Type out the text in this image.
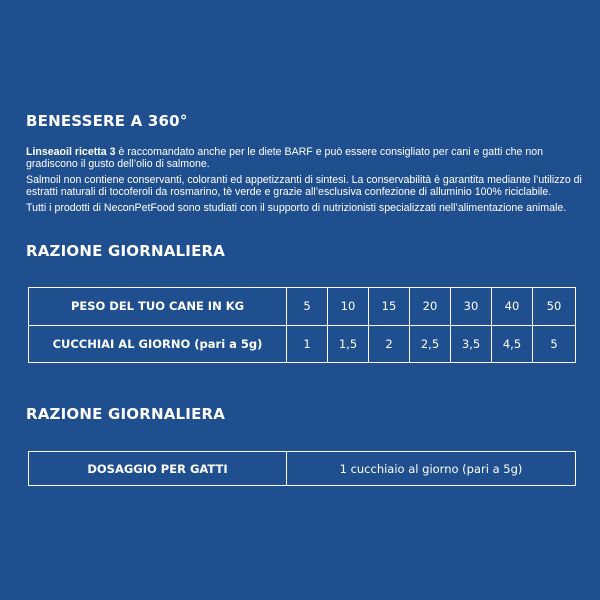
BENESSERE A 360°

Linseaoil ricetta 3 è raccomandato anche per le diete BARF e può essere consigliato per cani e gatti che non gradiscono il gusto dell’olio di salmone.

Salmoil non contiene conservanti, coloranti ed appetizzanti di sintesi. La conservabilità è garantita mediante l’utilizzo di estratti naturali di tocoferoli da rosmarino, tè verde e grazie all’esclusiva confezione di alluminio 100% riciclabile.

Tutti i prodotti di NeconPetFood sono studiati con il supporto di nutrizionisti specializzati nell’alimentazione animale.

RAZIONE GIORNALIERA
PESO DEL TUO CANE IN KG	5	10	15	20	30	40	50
CUCCHIAI AL GIORNO (pari a 5g)	1	1,5	2	2,5	3,5	4,5	5
RAZIONE GIORNALIERA
DOSAGGIO PER GATTI	1 cucchiaio al giorno (pari a 5g)
